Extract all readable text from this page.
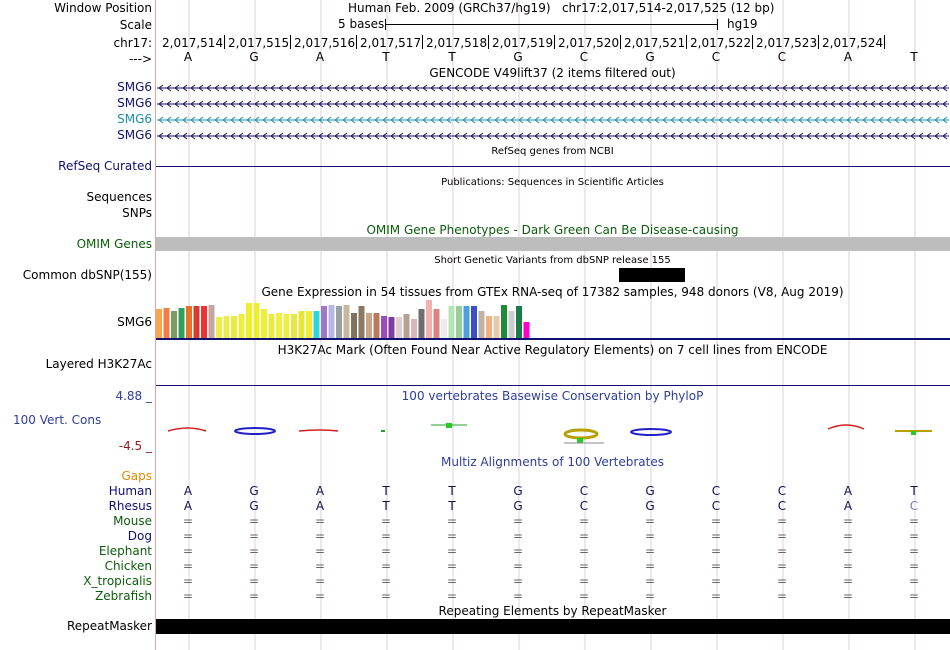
Window Position	Human Feb. 2009 (GRCh37/hg19)   chr17:2,017,514-2,017,525 (12 bp)
Scale	5 bases	hg19
chr17: 2,017,514 2,017,515 2,017,516 2,017,517 2,017,518 2,017,519 2,017,520 2,017,521 2,017,522 2,017,523 2,017,524
--->	A	G	A	T	T	G	C	G	C	C	A	T
GENCODE V49lift37 (2 items filtered out)
SMG6
SMG6
SMG6
SMG6
RefSeq genes from NCBI
RefSeq Curated
Publications: Sequences in Scientific Articles
Sequences
SNPs
OMIM Gene Phenotypes - Dark Green Can Be Disease-causing
OMIM Genes
Short Genetic Variants from dbSNP release 155
Common dbSNP(155)
Gene Expression in 54 tissues from GTEx RNA-seq of 17382 samples, 948 donors (V8, Aug 2019)
SMG6
H3K27Ac Mark (Often Found Near Active Regulatory Elements) on 7 cell lines from ENCODE
Layered H3K27Ac
100 vertebrates Basewise Conservation by PhyloP
4.88 _
100 Vert. Cons
-4.5 _
Multiz Alignments of 100 Vertebrates
Gaps
Human	A	G	A	T	T	G	C	G	C	C	A	T
Rhesus	A	G	A	T	T	G	C	G	C	C	A	C
Mouse	=	=	=	=	=	=	=	=	=	=	=	=
Dog	=	=	=	=	=	=	=	=	=	=	=	=
Elephant	=	=	=	=	=	=	=	=	=	=	=	=
Chicken	=	=	=	=	=	=	=	=	=	=	=	=
X_tropicalis	=	=	=	=	=	=	=	=	=	=	=	=
Zebrafish	=	=	=	=	=	=	=	=	=	=	=	=
Repeating Elements by RepeatMasker
RepeatMasker
